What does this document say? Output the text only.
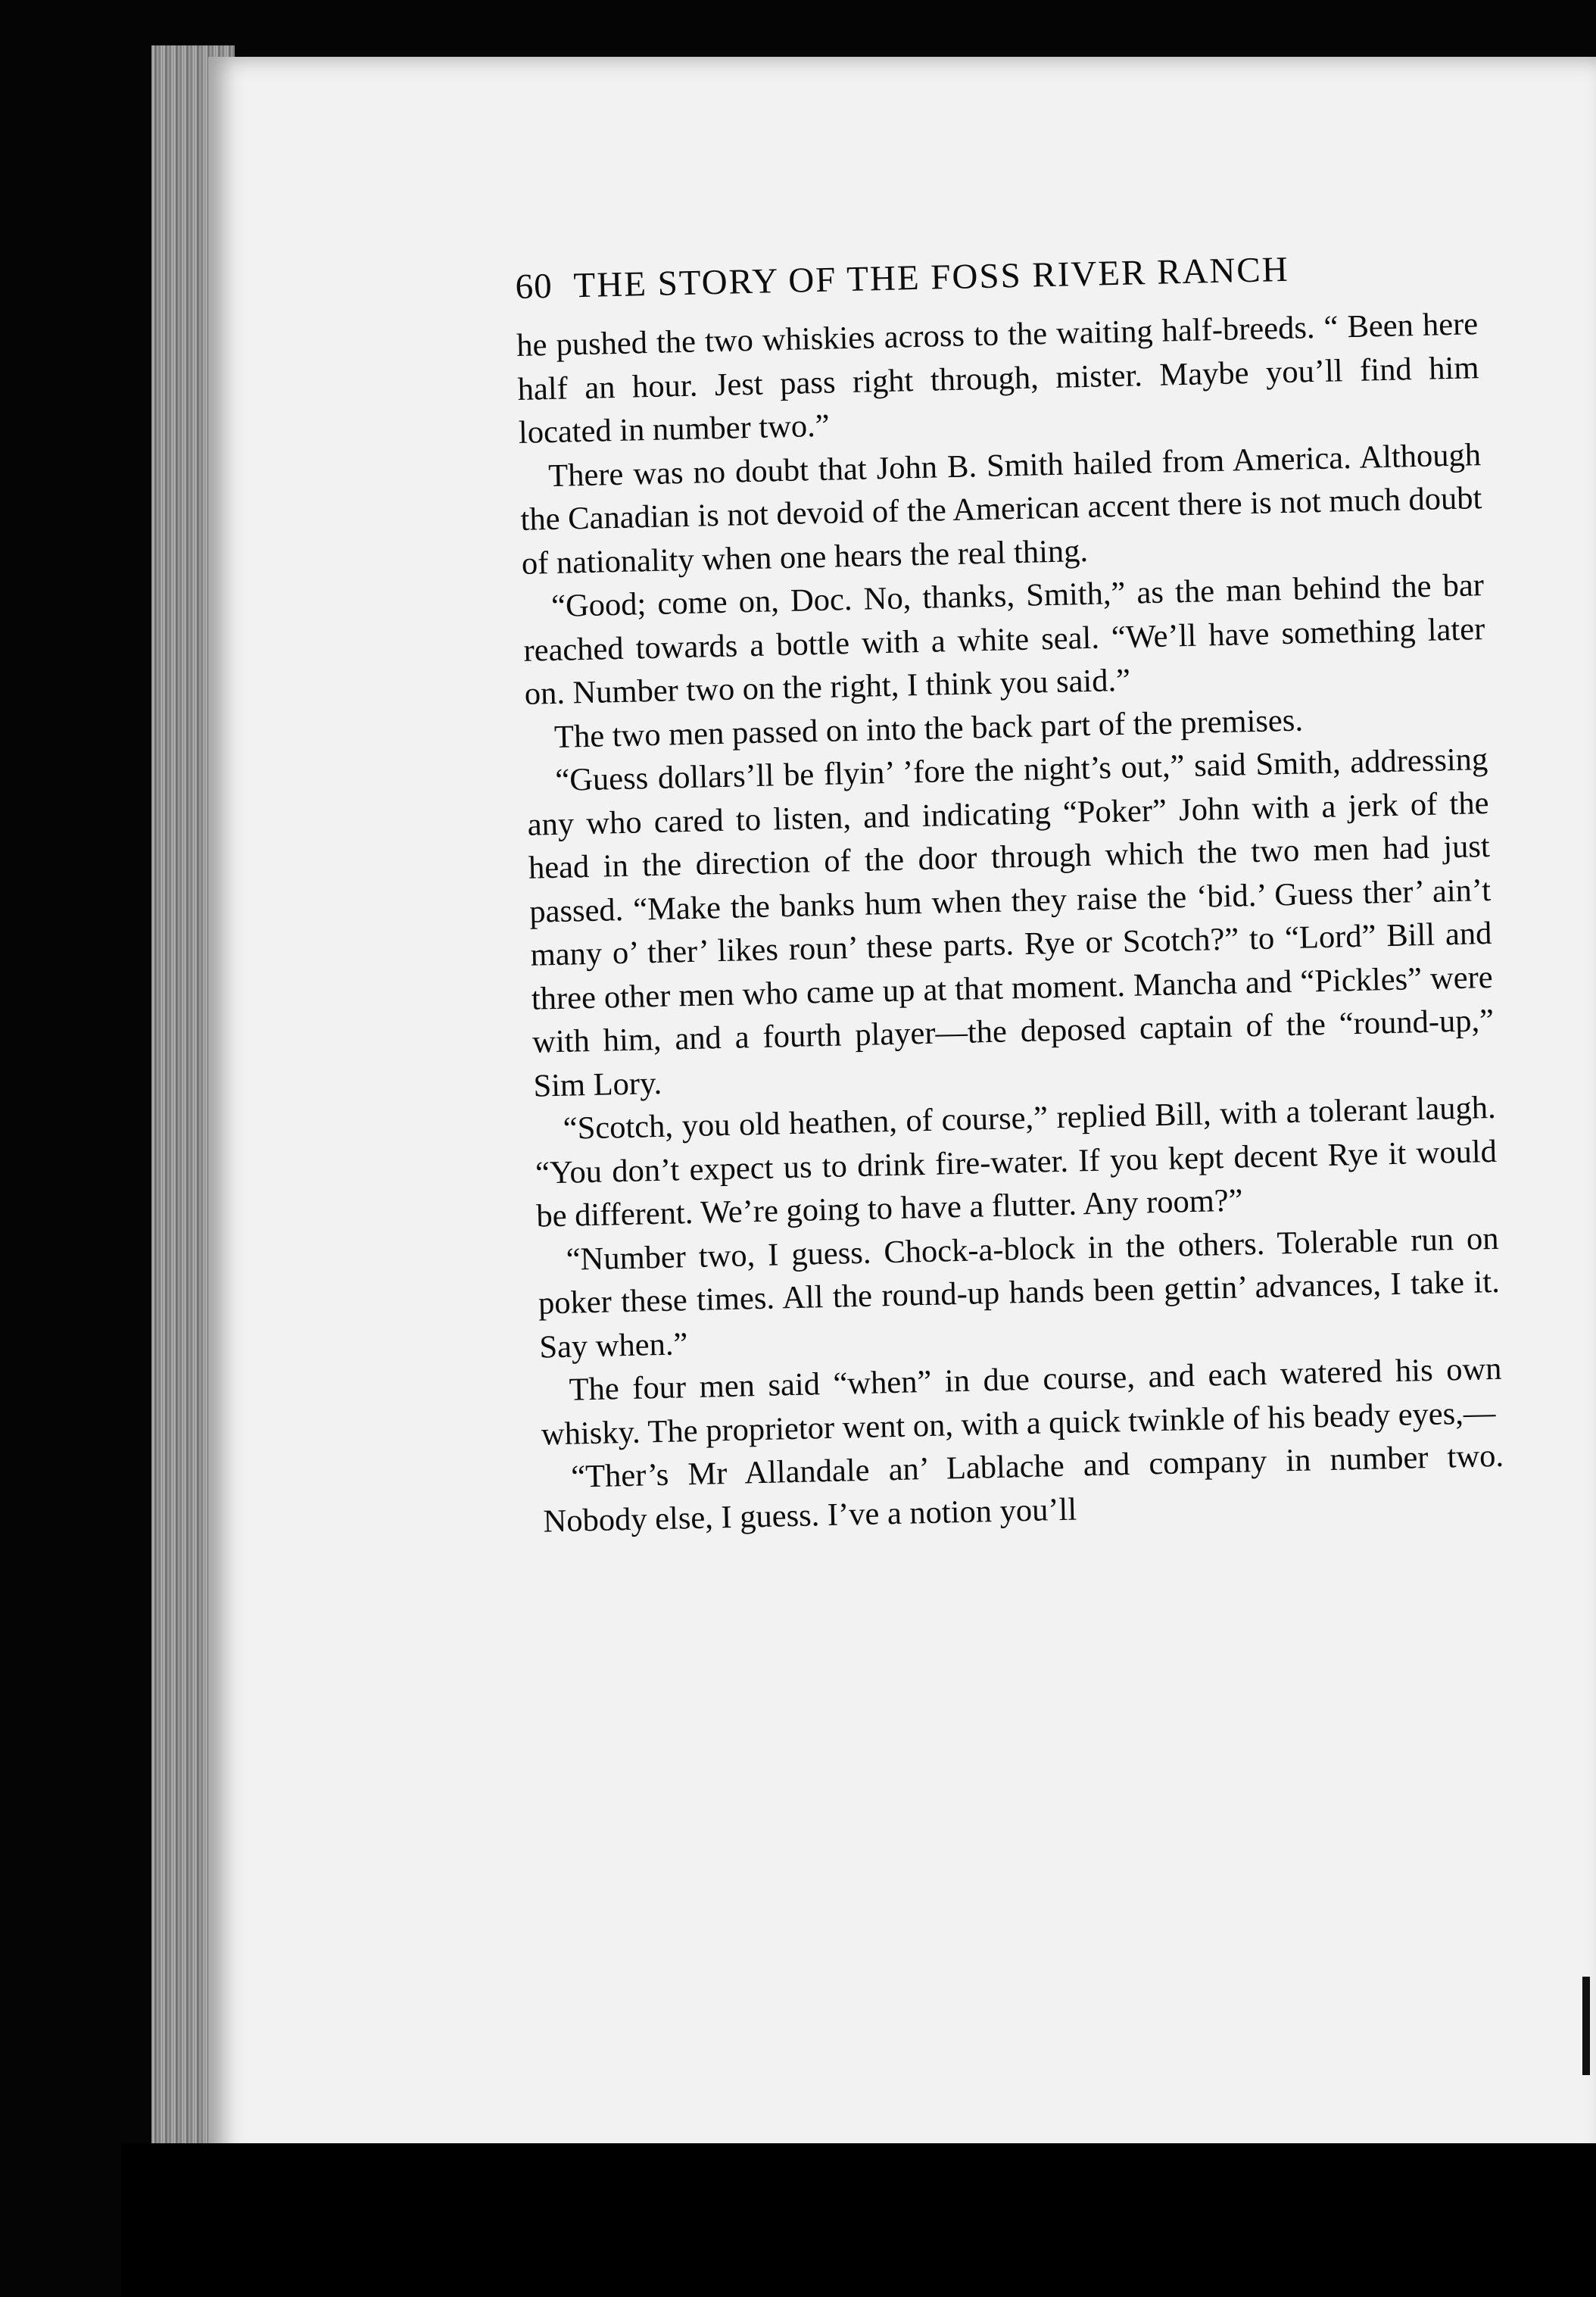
60 THE STORY OF THE FOSS RIVER RANCH

he pushed the two whiskies across to the waiting half-breeds. “ Been here half an hour. Jest pass right through, mister. Maybe you’ll find him located in number two.”

There was no doubt that John B. Smith hailed from America. Although the Canadian is not devoid of the American accent there is not much doubt of nationality when one hears the real thing.

“Good; come on, Doc. No, thanks, Smith,” as the man behind the bar reached towards a bottle with a white seal. “We’ll have something later on. Number two on the right, I think you said.”

The two men passed on into the back part of the premises.

“Guess dollars’ll be flyin’ ’fore the night’s out,” said Smith, addressing any who cared to listen, and indicating “Poker” John with a jerk of the head in the direction of the door through which the two men had just passed. “Make the banks hum when they raise the ‘bid.’ Guess ther’ ain’t many o’ ther’ likes roun’ these parts. Rye or Scotch?” to “Lord” Bill and three other men who came up at that moment. Mancha and “Pickles” were with him, and a fourth player—the deposed captain of the “round-up,” Sim Lory.

“Scotch, you old heathen, of course,” replied Bill, with a tolerant laugh. “You don’t expect us to drink fire-water. If you kept decent Rye it would be different. We’re going to have a flutter. Any room?”

“Number two, I guess. Chock-a-block in the others. Tolerable run on poker these times. All the round-up hands been gettin’ advances, I take it. Say when.”

The four men said “when” in due course, and each watered his own whisky. The proprietor went on, with a quick twinkle of his beady eyes,—

“Ther’s Mr Allandale an’ Lablache and company in number two. Nobody else, I guess. I’ve a notion you’ll
